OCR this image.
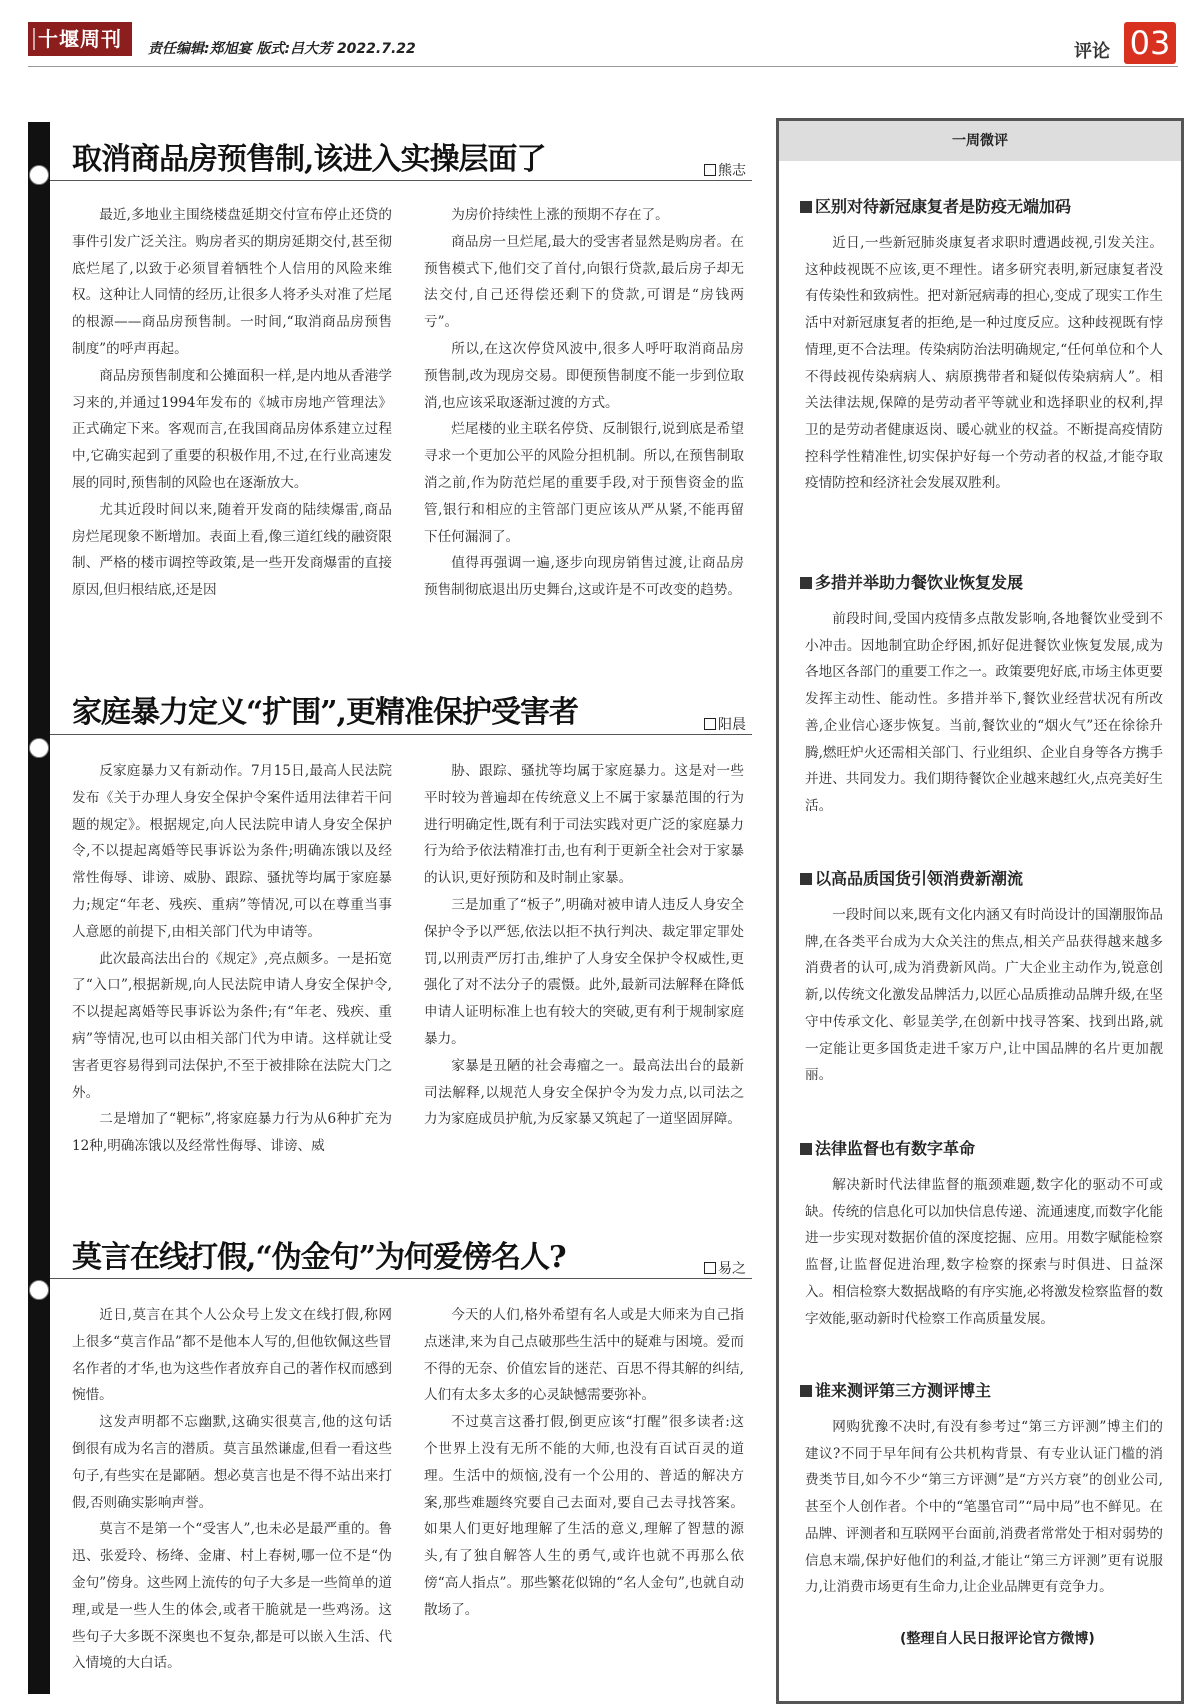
十堰周刊	责任编辑:郑旭宴 版式:吕大芳 2022.7.22	评论 03
取消商品房预售制,该进入实操层面了	熊志

最近,多地业主围绕楼盘延期交付宣布停止还贷的事件引发广泛关注。购房者买的期房延期交付,甚至彻底烂尾了,以致于必须冒着牺牲个人信用的风险来维权。这种让人同情的经历,让很多人将矛头对准了烂尾的根源——商品房预售制。一时间,“取消商品房预售制度”的呼声再起。

商品房预售制度和公摊面积一样,是内地从香港学习来的,并通过1994年发布的《城市房地产管理法》正式确定下来。客观而言,在我国商品房体系建立过程中,它确实起到了重要的积极作用,不过,在行业高速发展的同时,预售制的风险也在逐渐放大。

尤其近段时间以来,随着开发商的陆续爆雷,商品房烂尾现象不断增加。表面上看,像三道红线的融资限制、严格的楼市调控等政策,是一些开发商爆雷的直接原因,但归根结底,还是因

为房价持续性上涨的预期不存在了。

商品房一旦烂尾,最大的受害者显然是购房者。在预售模式下,他们交了首付,向银行贷款,最后房子却无法交付,自己还得偿还剩下的贷款,可谓是“房钱两亏”。

所以,在这次停贷风波中,很多人呼吁取消商品房预售制,改为现房交易。即便预售制度不能一步到位取消,也应该采取逐渐过渡的方式。

烂尾楼的业主联名停贷、反制银行,说到底是希望寻求一个更加公平的风险分担机制。所以,在预售制取消之前,作为防范烂尾的重要手段,对于预售资金的监管,银行和相应的主管部门更应该从严从紧,不能再留下任何漏洞了。

值得再强调一遍,逐步向现房销售过渡,让商品房预售制彻底退出历史舞台,这或许是不可改变的趋势。

家庭暴力定义“扩围”,更精准保护受害者	阳晨

反家庭暴力又有新动作。7月15日,最高人民法院发布《关于办理人身安全保护令案件适用法律若干问题的规定》。根据规定,向人民法院申请人身安全保护令,不以提起离婚等民事诉讼为条件;明确冻饿以及经常性侮辱、诽谤、威胁、跟踪、骚扰等均属于家庭暴力;规定“年老、残疾、重病”等情况,可以在尊重当事人意愿的前提下,由相关部门代为申请等。

此次最高法出台的《规定》,亮点颇多。一是拓宽了“入口”,根据新规,向人民法院申请人身安全保护令,不以提起离婚等民事诉讼为条件;有“年老、残疾、重病”等情况,也可以由相关部门代为申请。这样就让受害者更容易得到司法保护,不至于被排除在法院大门之外。

二是增加了“靶标”,将家庭暴力行为从6种扩充为12种,明确冻饿以及经常性侮辱、诽谤、威

胁、跟踪、骚扰等均属于家庭暴力。这是对一些平时较为普遍却在传统意义上不属于家暴范围的行为进行明确定性,既有利于司法实践对更广泛的家庭暴力行为给予依法精准打击,也有利于更新全社会对于家暴的认识,更好预防和及时制止家暴。

三是加重了“板子”,明确对被申请人违反人身安全保护令予以严惩,依法以拒不执行判决、裁定罪定罪处罚,以刑责严厉打击,维护了人身安全保护令权威性,更强化了对不法分子的震慑。此外,最新司法解释在降低申请人证明标准上也有较大的突破,更有利于规制家庭暴力。

家暴是丑陋的社会毒瘤之一。最高法出台的最新司法解释,以规范人身安全保护令为发力点,以司法之力为家庭成员护航,为反家暴又筑起了一道坚固屏障。

莫言在线打假,“伪金句”为何爱傍名人?	易之

近日,莫言在其个人公众号上发文在线打假,称网上很多“莫言作品”都不是他本人写的,但他钦佩这些冒名作者的才华,也为这些作者放弃自己的著作权而感到惋惜。

这发声明都不忘幽默,这确实很莫言,他的这句话倒很有成为名言的潜质。莫言虽然谦虚,但看一看这些句子,有些实在是鄙陋。想必莫言也是不得不站出来打假,否则确实影响声誉。

莫言不是第一个“受害人”,也未必是最严重的。鲁迅、张爱玲、杨绛、金庸、村上春树,哪一位不是“伪金句”傍身。这些网上流传的句子大多是一些简单的道理,或是一些人生的体会,或者干脆就是一些鸡汤。这些句子大多既不深奥也不复杂,都是可以嵌入生活、代入情境的大白话。

今天的人们,格外希望有名人或是大师来为自己指点迷津,来为自己点破那些生活中的疑难与困境。爱而不得的无奈、价值宏旨的迷茫、百思不得其解的纠结,人们有太多太多的心灵缺憾需要弥补。

不过莫言这番打假,倒更应该“打醒”很多读者:这个世界上没有无所不能的大师,也没有百试百灵的道理。生活中的烦恼,没有一个公用的、普适的解决方案,那些难题终究要自己去面对,要自己去寻找答案。如果人们更好地理解了生活的意义,理解了智慧的源头,有了独自解答人生的勇气,或许也就不再那么依傍“高人指点”。那些繁花似锦的“名人金句”,也就自动散场了。

一周微评
区别对待新冠康复者是防疫无端加码

近日,一些新冠肺炎康复者求职时遭遇歧视,引发关注。这种歧视既不应该,更不理性。诸多研究表明,新冠康复者没有传染性和致病性。把对新冠病毒的担心,变成了现实工作生活中对新冠康复者的拒绝,是一种过度反应。这种歧视既有悖情理,更不合法理。传染病防治法明确规定,“任何单位和个人不得歧视传染病病人、病原携带者和疑似传染病病人”。相关法律法规,保障的是劳动者平等就业和选择职业的权利,捍卫的是劳动者健康返岗、暖心就业的权益。不断提高疫情防控科学性精准性,切实保护好每一个劳动者的权益,才能夺取疫情防控和经济社会发展双胜利。

多措并举助力餐饮业恢复发展

前段时间,受国内疫情多点散发影响,各地餐饮业受到不小冲击。因地制宜助企纾困,抓好促进餐饮业恢复发展,成为各地区各部门的重要工作之一。政策要兜好底,市场主体更要发挥主动性、能动性。多措并举下,餐饮业经营状况有所改善,企业信心逐步恢复。当前,餐饮业的“烟火气”还在徐徐升腾,燃旺炉火还需相关部门、行业组织、企业自身等各方携手并进、共同发力。我们期待餐饮企业越来越红火,点亮美好生活。

以高品质国货引领消费新潮流

一段时间以来,既有文化内涵又有时尚设计的国潮服饰品牌,在各类平台成为大众关注的焦点,相关产品获得越来越多消费者的认可,成为消费新风尚。广大企业主动作为,锐意创新,以传统文化激发品牌活力,以匠心品质推动品牌升级,在坚守中传承文化、彰显美学,在创新中找寻答案、找到出路,就一定能让更多国货走进千家万户,让中国品牌的名片更加靓丽。

法律监督也有数字革命

解决新时代法律监督的瓶颈难题,数字化的驱动不可或缺。传统的信息化可以加快信息传递、流通速度,而数字化能进一步实现对数据价值的深度挖掘、应用。用数字赋能检察监督,让监督促进治理,数字检察的探索与时俱进、日益深入。相信检察大数据战略的有序实施,必将激发检察监督的数字效能,驱动新时代检察工作高质量发展。

谁来测评第三方测评博主

网购犹豫不决时,有没有参考过“第三方评测”博主们的建议?不同于早年间有公共机构背景、有专业认证门槛的消费类节目,如今不少“第三方评测”是“方兴方衰”的创业公司,甚至个人创作者。个中的“笔墨官司”“局中局”也不鲜见。在品牌、评测者和互联网平台面前,消费者常常处于相对弱势的信息末端,保护好他们的利益,才能让“第三方评测”更有说服力,让消费市场更有生命力,让企业品牌更有竞争力。

(整理自人民日报评论官方微博)
